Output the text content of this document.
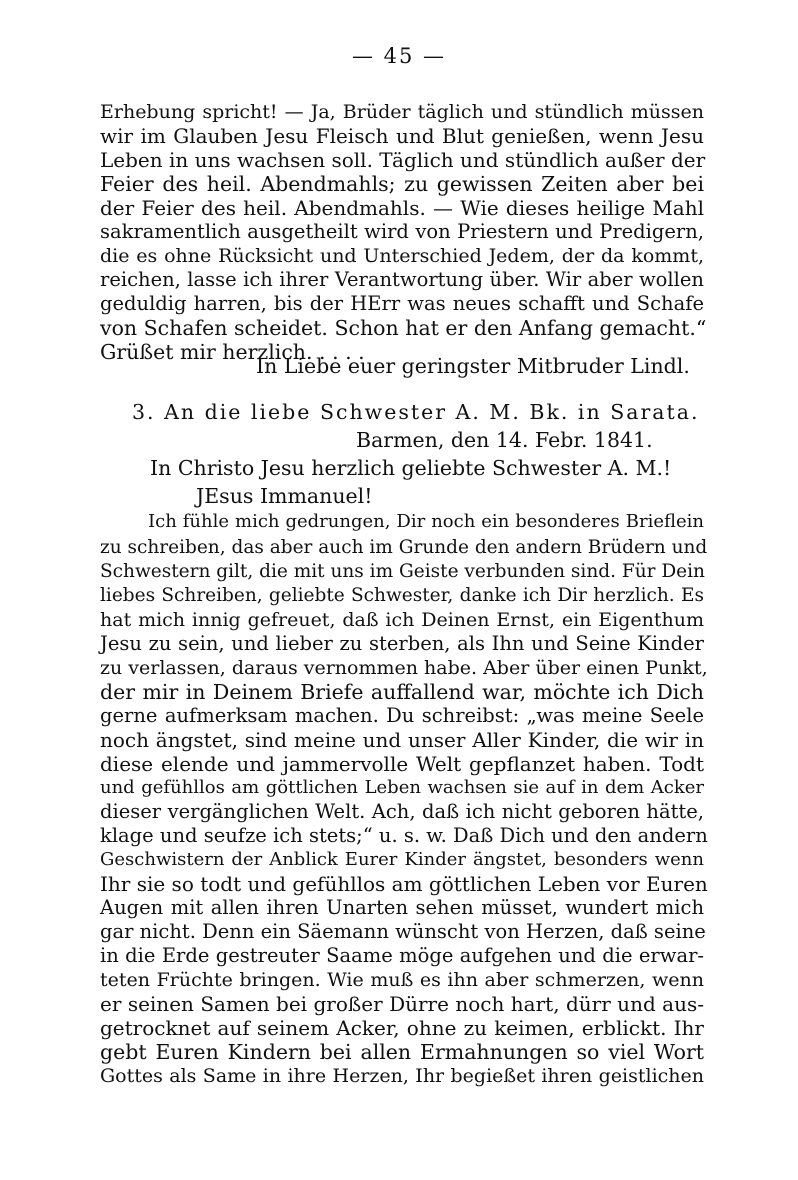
— 45 —
Erhebung spricht! — Ja, Brüder täglich und stündlich müssen
wir im Glauben Jesu Fleisch und Blut genießen, wenn Jesu
Leben in uns wachsen soll. Täglich und stündlich außer der
Feier des heil. Abendmahls; zu gewissen Zeiten aber bei
der Feier des heil. Abendmahls. — Wie dieses heilige Mahl
sakramentlich ausgetheilt wird von Priestern und Predigern,
die es ohne Rücksicht und Unterschied Jedem, der da kommt,
reichen, lasse ich ihrer Verantwortung über. Wir aber wollen
geduldig harren, bis der HErr was neues schafft und Schafe
von Schafen scheidet. Schon hat er den Anfang gemacht.“
Grüßet mir herzlich. . . . .
In Liebe euer geringster Mitbruder Lindl.
3. An die liebe Schwester A. M. Bk. in Sarata.
Barmen, den 14. Febr. 1841.
In Christo Jesu herzlich geliebte Schwester A. M.!
JEsus Immanuel!
Ich fühle mich gedrungen, Dir noch ein besonderes Brieflein
zu schreiben, das aber auch im Grunde den andern Brüdern und
Schwestern gilt, die mit uns im Geiste verbunden sind. Für Dein
liebes Schreiben, geliebte Schwester, danke ich Dir herzlich. Es
hat mich innig gefreuet, daß ich Deinen Ernst, ein Eigenthum
Jesu zu sein, und lieber zu sterben, als Ihn und Seine Kinder
zu verlassen, daraus vernommen habe. Aber über einen Punkt,
der mir in Deinem Briefe auffallend war, möchte ich Dich
gerne aufmerksam machen. Du schreibst: „was meine Seele
noch ängstet, sind meine und unser Aller Kinder, die wir in
diese elende und jammervolle Welt gepflanzet haben. Todt
und gefühllos am göttlichen Leben wachsen sie auf in dem Acker
dieser vergänglichen Welt. Ach, daß ich nicht geboren hätte,
klage und seufze ich stets;“ u. s. w. Daß Dich und den andern
Geschwistern der Anblick Eurer Kinder ängstet, besonders wenn
Ihr sie so todt und gefühllos am göttlichen Leben vor Euren
Augen mit allen ihren Unarten sehen müsset, wundert mich
gar nicht. Denn ein Säemann wünscht von Herzen, daß seine
in die Erde gestreuter Saame möge aufgehen und die erwar-
teten Früchte bringen. Wie muß es ihn aber schmerzen, wenn
er seinen Samen bei großer Dürre noch hart, dürr und aus-
getrocknet auf seinem Acker, ohne zu keimen, erblickt. Ihr
gebt Euren Kindern bei allen Ermahnungen so viel Wort
Gottes als Same in ihre Herzen, Ihr begießet ihren geistlichen
